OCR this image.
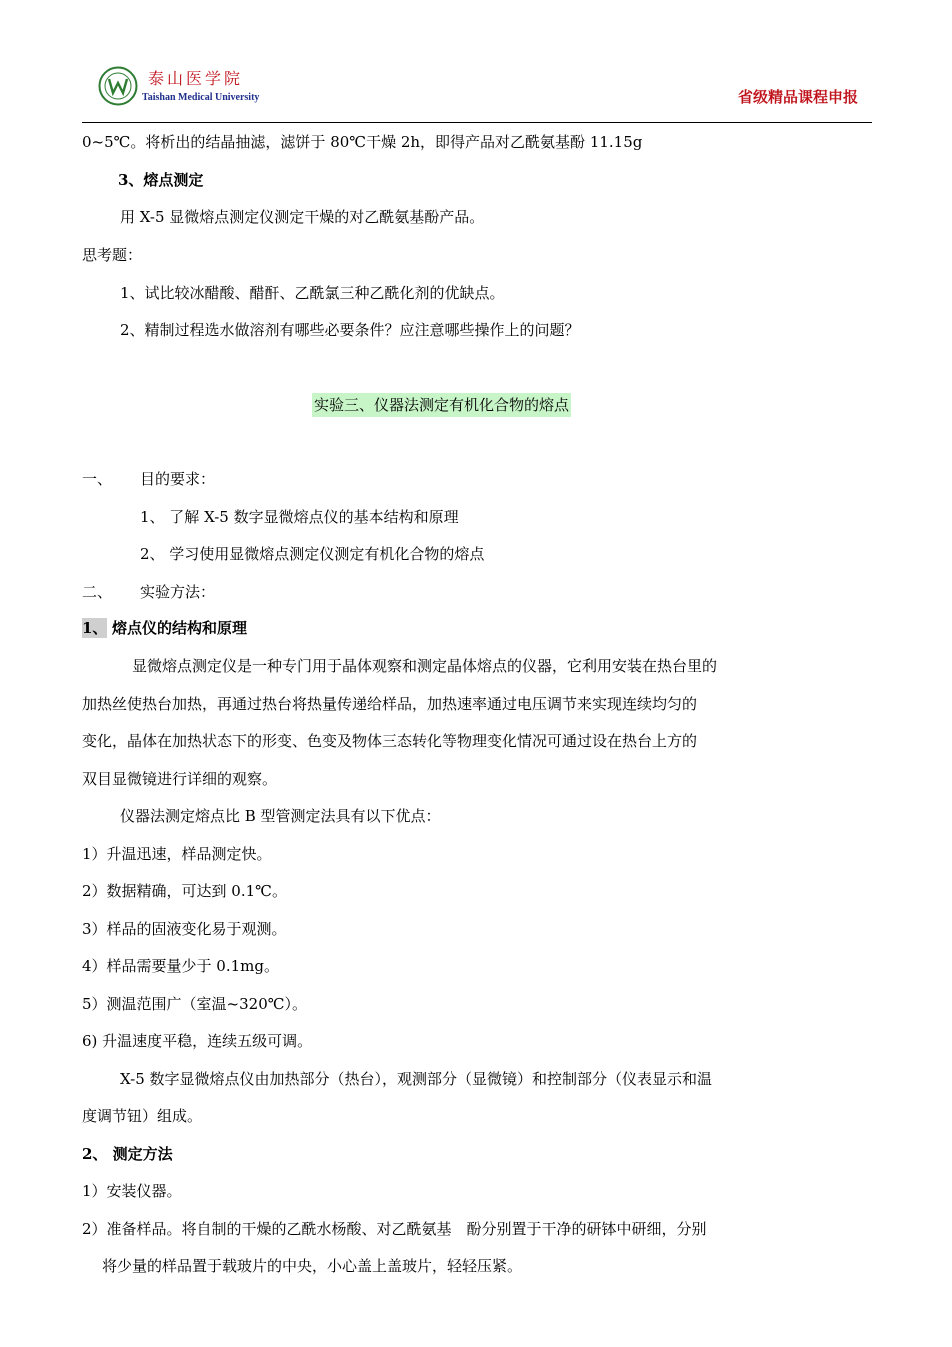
泰山医学院
Taishan Medical University	省级精品课程申报
0~5℃。将析出的结晶抽滤，滤饼于 80℃干燥 2h，即得产品对乙酰氨基酚 11.15g
3、熔点测定
用 X-5 显微熔点测定仪测定干燥的对乙酰氨基酚产品。
思考题：
1、试比较冰醋酸、醋酐、乙酰氯三种乙酰化剂的优缺点。
2、精制过程选水做溶剂有哪些必要条件？应注意哪些操作上的问题？
实验三、仪器法测定有机化合物的熔点
一、 目的要求：
1、 了解 X-5 数字显微熔点仪的基本结构和原理
2、 学习使用显微熔点测定仪测定有机化合物的熔点
二、 实验方法：
1、 熔点仪的结构和原理
显微熔点测定仪是一种专门用于晶体观察和测定晶体熔点的仪器，它利用安装在热台里的
加热丝使热台加热，再通过热台将热量传递给样品，加热速率通过电压调节来实现连续均匀的
变化，晶体在加热状态下的形变、色变及物体三态转化等物理变化情况可通过设在热台上方的
双目显微镜进行详细的观察。
仪器法测定熔点比 B 型管测定法具有以下优点：
1）升温迅速，样品测定快。
2）数据精确，可达到 0.1℃。
3）样品的固液变化易于观测。
4）样品需要量少于 0.1mg。
5）测温范围广（室温~320℃）。
6) 升温速度平稳，连续五级可调。
X-5 数字显微熔点仪由加热部分（热台），观测部分（显微镜）和控制部分（仪表显示和温
度调节钮）组成。
2、 测定方法
1）安装仪器。
2）准备样品。将自制的干燥的乙酰水杨酸、对乙酰氨基　酚分别置于干净的研钵中研细，分别
将少量的样品置于载玻片的中央，小心盖上盖玻片，轻轻压紧。
